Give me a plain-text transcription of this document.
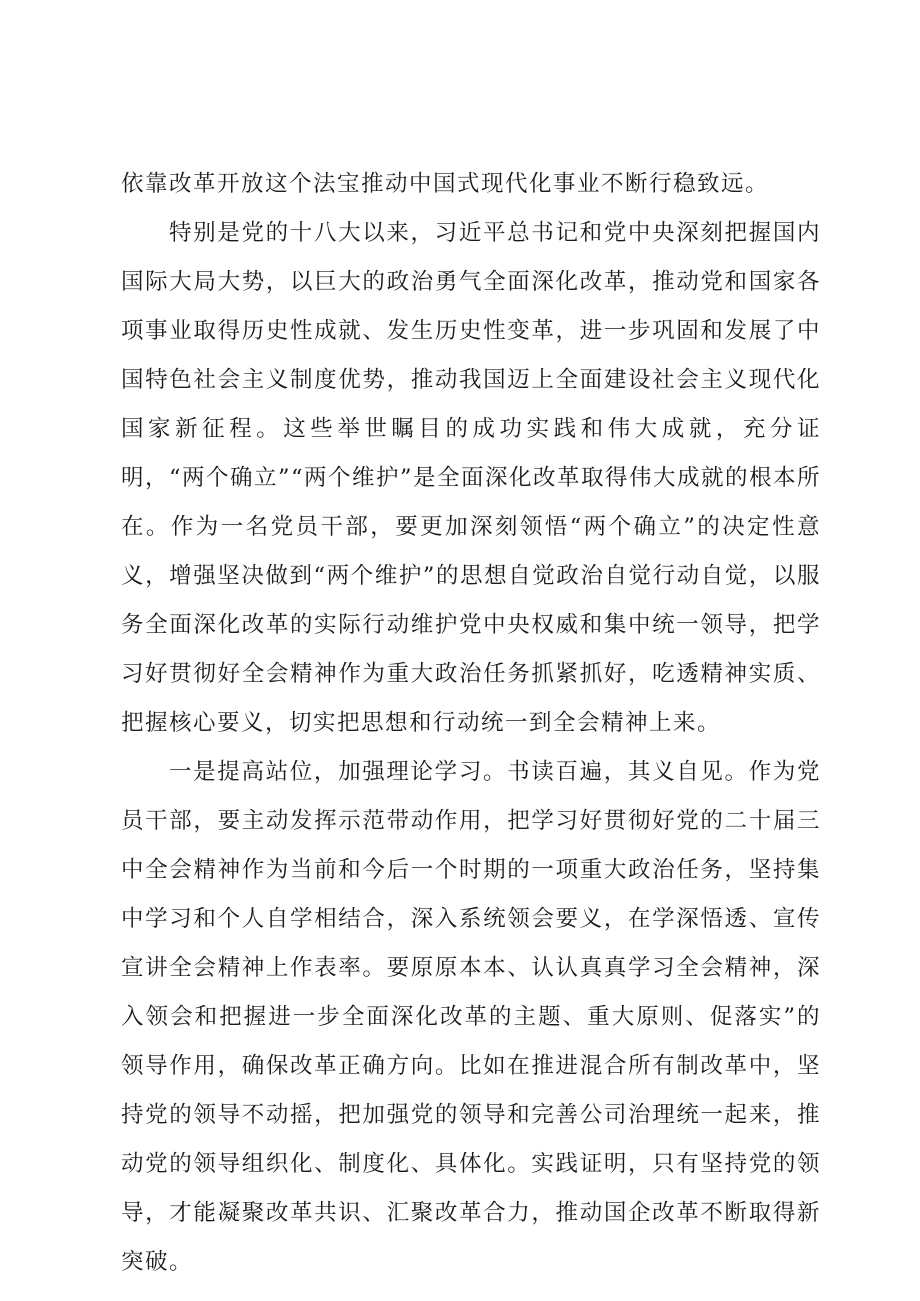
依靠改革开放这个法宝推动中国式现代化事业不断行稳致远。

特别是党的十八大以来，习近平总书记和党中央深刻把握国内国际大局大势，以巨大的政治勇气全面深化改革，推动党和国家各项事业取得历史性成就、发生历史性变革，进一步巩固和发展了中国特色社会主义制度优势，推动我国迈上全面建设社会主义现代化国家新征程。这些举世瞩目的成功实践和伟大成就，充分证明，“两个确立”“两个维护”是全面深化改革取得伟大成就的根本所在。作为一名党员干部，要更加深刻领悟“两个确立”的决定性意义，增强坚决做到“两个维护”的思想自觉政治自觉行动自觉，以服务全面深化改革的实际行动维护党中央权威和集中统一领导，把学习好贯彻好全会精神作为重大政治任务抓紧抓好，吃透精神实质、把握核心要义，切实把思想和行动统一到全会精神上来。

一是提高站位，加强理论学习。书读百遍，其义自见。作为党员干部，要主动发挥示范带动作用，把学习好贯彻好党的二十届三中全会精神作为当前和今后一个时期的一项重大政治任务，坚持集中学习和个人自学相结合，深入系统领会要义，在学深悟透、宣传宣讲全会精神上作表率。要原原本本、认认真真学习全会精神，深入领会和把握进一步全面深化改革的主题、重大原则、促落实”的领导作用，确保改革正确方向。比如在推进混合所有制改革中，坚持党的领导不动摇，把加强党的领导和完善公司治理统一起来，推动党的领导组织化、制度化、具体化。实践证明，只有坚持党的领导，才能凝聚改革共识、汇聚改革合力，推动国企改革不断取得新突破。
